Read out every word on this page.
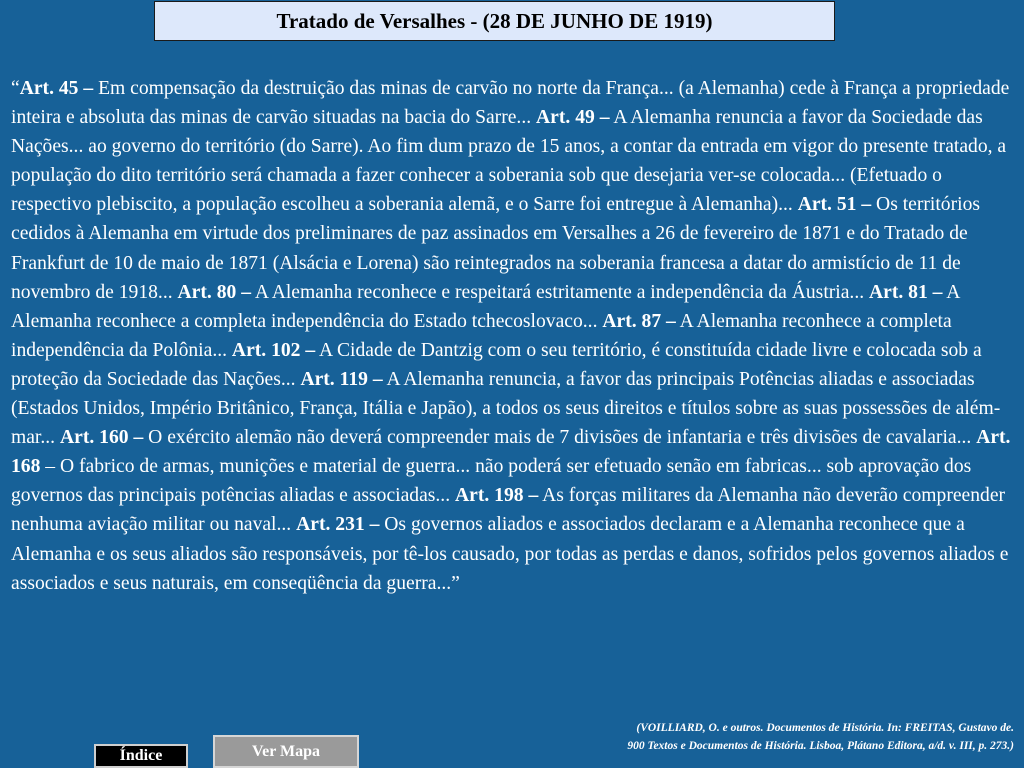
Tratado de Versalhes - ( 28 DE JUNHO DE 1919 )

“Art. 45 – Em compensação da destruição das minas de carvão no norte da França... (a Alemanha) cede à França a propriedade inteira e absoluta das minas de carvão situadas na bacia do Sarre... Art. 49 – A Alemanha renuncia a favor da Sociedade das Nações... ao governo do território (do Sarre). Ao fim dum prazo de 15 anos, a contar da entrada em vigor do presente tratado, a população do dito território será chamada a fazer conhecer a soberania sob que desejaria ver-se colocada... (Efetuado o respectivo plebiscito, a população escolheu a soberania alemã, e o Sarre foi entregue à Alemanha)... Art. 51 – Os territórios cedidos à Alemanha em virtude dos preliminares de paz assinados em Versalhes a 26 de fevereiro de 1871 e do Tratado de Frankfurt de 10 de maio de 1871 (Alsácia e Lorena) são reintegrados na soberania francesa a datar do armistício de 11 de novembro de 1918... Art. 80 – A Alemanha reconhece e respeitará estritamente a independência da Áustria... Art. 81 – A Alemanha reconhece a completa independência do Estado tchecoslovaco... Art. 87 – A Alemanha reconhece a completa independência da Polônia... Art. 102 – A Cidade de Dantzig com o seu território, é constituída cidade livre e colocada sob a proteção da Sociedade das Nações... Art. 119 – A Alemanha renuncia, a favor das principais Potências aliadas e associadas (Estados Unidos, Império Britânico, França, Itália e Japão), a todos os seus direitos e títulos sobre as suas possessões de além-mar... Art. 160 – O exército alemão não deverá compreender mais de 7 divisões de infantaria e três divisões de cavalaria... Art. 168 – O fabrico de armas, munições e material de guerra... não poderá ser efetuado senão em fabricas... sob aprovação dos governos das principais potências aliadas e associadas... Art. 198 – As forças militares da Alemanha não deverão compreender nenhuma aviação militar ou naval... Art. 231 – Os governos aliados e associados declaram e a Alemanha reconhece que a Alemanha e os seus aliados são responsáveis, por tê-los causado, por todas as perdas e danos, sofridos pelos governos aliados e associados e seus naturais, em conseqüência da guerra...”

(VOILLIARD, O. e outros. Documentos de História. In: FREITAS, Gustavo de.
900 Textos e Documentos de História. Lisboa, Plátano Editora, a/d. v. III, p. 273.)
Índice	Ver Mapa
